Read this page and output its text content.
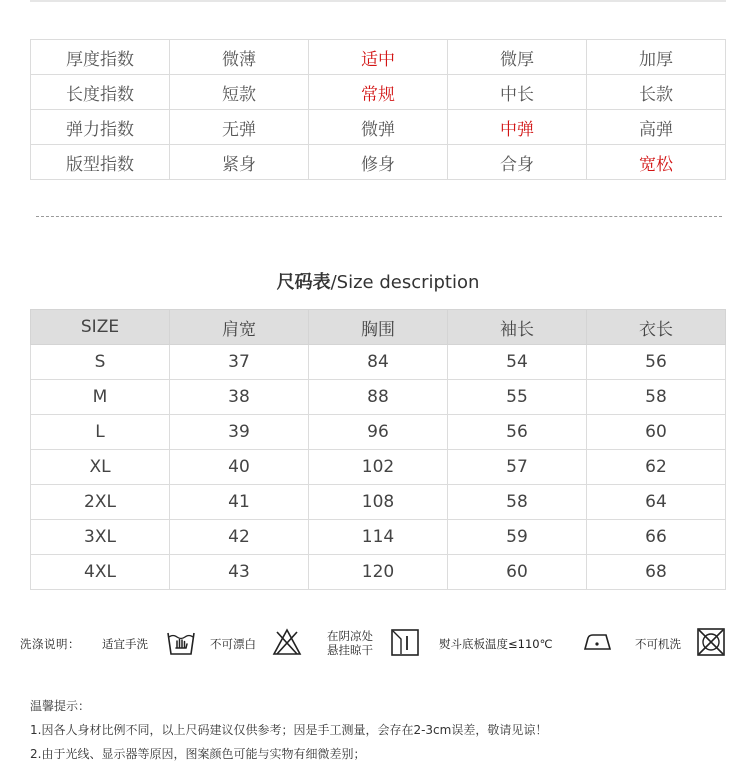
厚度指数	微薄	适中	微厚	加厚
长度指数	短款	常规	中长	长款
弹力指数	无弹	微弹	中弹	高弹
版型指数	紧身	修身	合身	宽松
尺码表/Size description
SIZE	肩宽	胸围	袖长	衣长
S	37	84	54	56
M	38	88	55	58
L	39	96	56	60
XL	40	102	57	62
2XL	41	108	58	64
3XL	42	114	59	66
4XL	43	120	60	68
洗涤说明： 适宜手洗	不可漂白
在阴凉处
悬挂晾干	熨斗底板温度≤110℃	不可机洗
温馨提示：
1.因各人身材比例不同，以上尺码建议仅供参考；因是手工测量，会存在2-3cm误差，敬请见谅！
2.由于光线、显示器等原因，图案颜色可能与实物有细微差别；
